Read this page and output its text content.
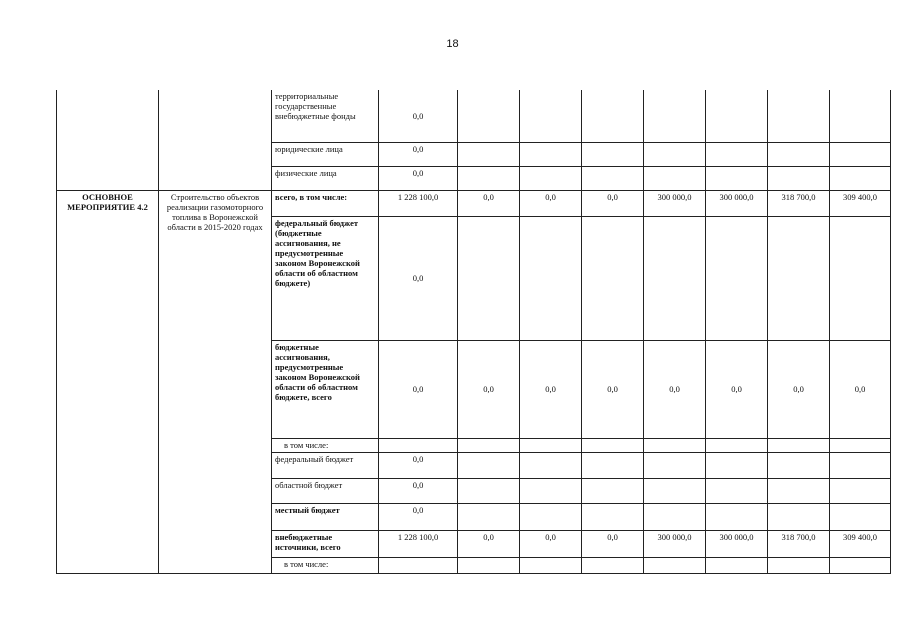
18
		территориальные государственные внебюджетные фонды	0,0							
		юридические лица	0,0							
		физические лица	0,0							
ОСНОВНОЕ МЕРОПРИЯТИЕ 4.2	Строительство объектов реализации газомоторного топлива в Воронежской области в 2015-2020 годах	всего, в том числе:	1 228 100,0	0,0	0,0	0,0	300 000,0	300 000,0	318 700,0	309 400,0
		федеральный бюджет (бюджетные ассигнования, не предусмотренные законом Воронежской области об областном бюджете)	0,0							
		бюджетные ассигнования, предусмотренные законом Воронежской области об областном бюджете, всего	0,0	0,0	0,0	0,0	0,0	0,0	0,0	0,0
		в том числе:								
		федеральный бюджет	0,0							
		областной бюджет	0,0							
		местный бюджет	0,0							
		внебюджетные источники, всего	1 228 100,0	0,0	0,0	0,0	300 000,0	300 000,0	318 700,0	309 400,0
		в том числе:								
